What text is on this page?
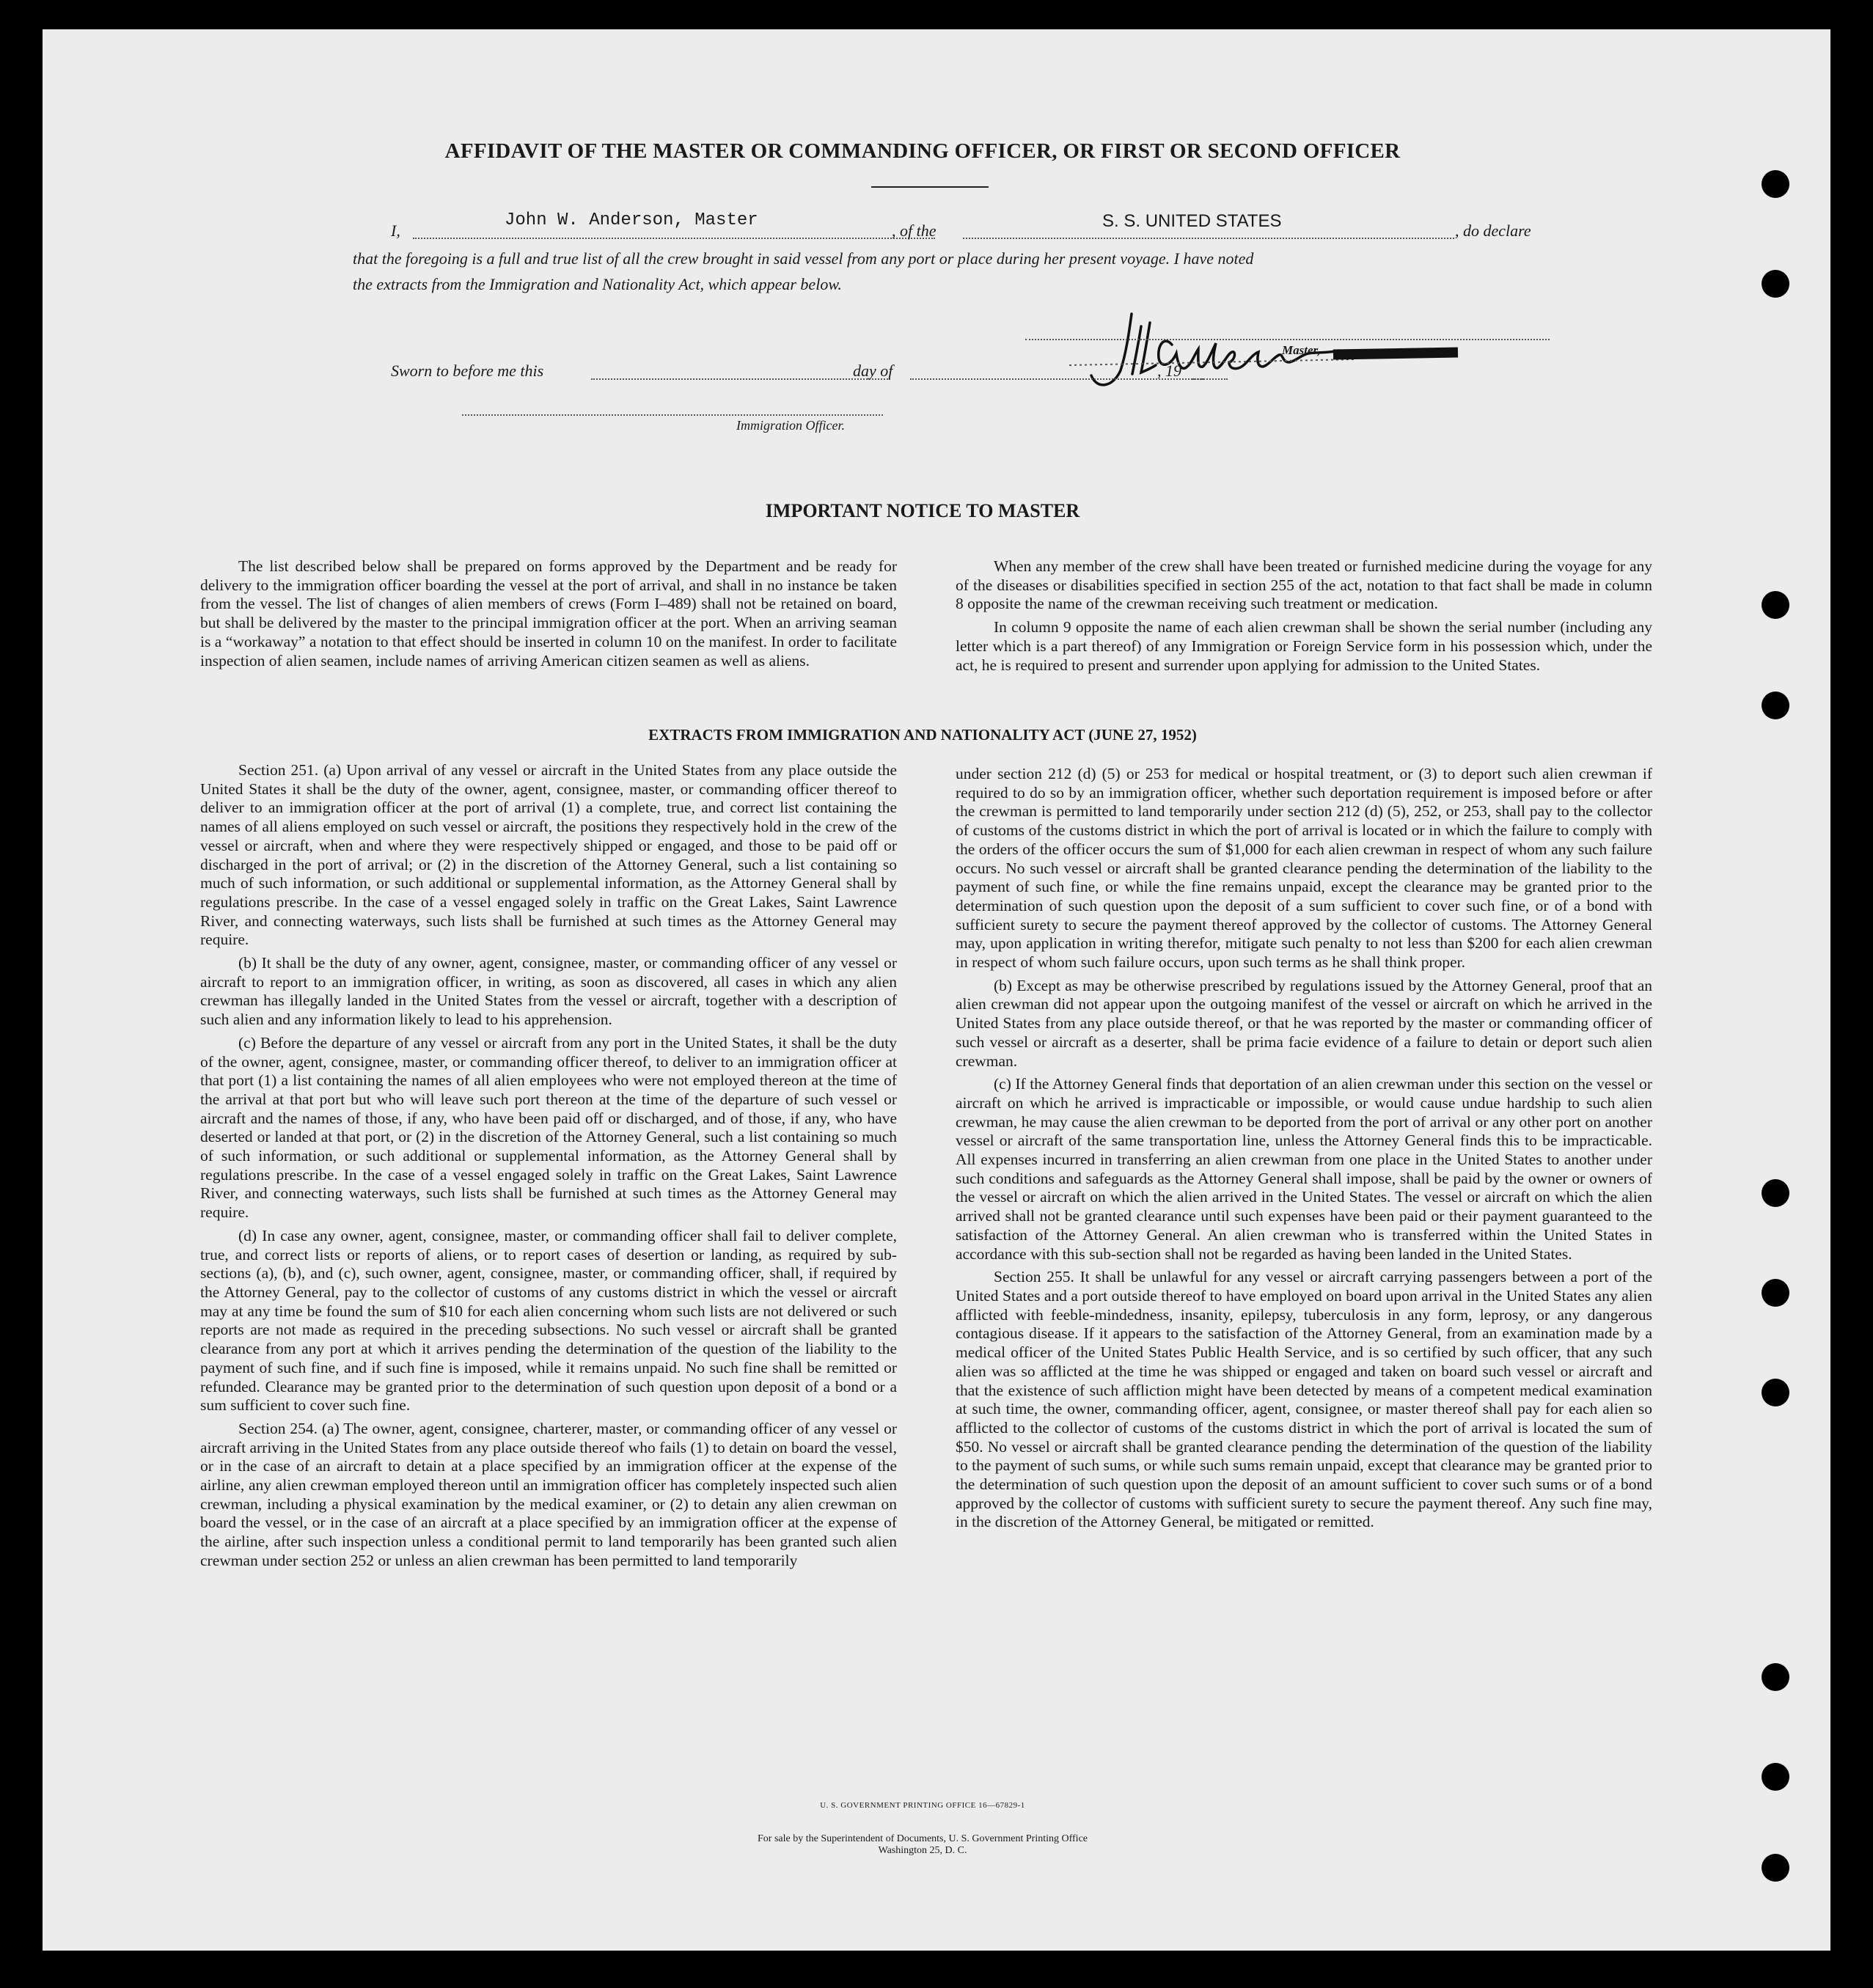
AFFIDAVIT OF THE MASTER OR COMMANDING OFFICER, OR FIRST OR SECOND OFFICER
I,
John W. Anderson, Master
, of the	S. S. UNITED STATES	, do declare
that the foregoing is a full and true list of all the crew brought in said vessel from any port or place during her present voyage. I have noted
the extracts from the Immigration and Nationality Act, which appear below.
Master,
Sworn to before me this	day of	, 19
Immigration Officer.
IMPORTANT NOTICE TO MASTER

The list described below shall be prepared on forms approved by the Department and be ready for delivery to the immigration officer boarding the vessel at the port of arrival, and shall in no instance be taken from the vessel. The list of changes of alien members of crews (Form I–489) shall not be retained on board, but shall be delivered by the master to the principal immigration officer at the port. When an arriving seaman is a “workaway” a notation to that effect should be inserted in column 10 on the manifest. In order to facilitate inspection of alien seamen, include names of arriving American citizen seamen as well as aliens.

When any member of the crew shall have been treated or furnished medicine during the voyage for any of the diseases or disabilities specified in section 255 of the act, notation to that fact shall be made in column 8 opposite the name of the crewman receiving such treatment or medication.

In column 9 opposite the name of each alien crewman shall be shown the serial number (including any letter which is a part thereof) of any Immigration or Foreign Service form in his possession which, under the act, he is required to present and surrender upon applying for admission to the United States.

EXTRACTS FROM IMMIGRATION AND NATIONALITY ACT (JUNE 27, 1952)

Section 251. (a) Upon arrival of any vessel or aircraft in the United States from any place outside the United States it shall be the duty of the owner, agent, consignee, master, or commanding officer thereof to deliver to an immigration officer at the port of arrival (1) a complete, true, and correct list containing the names of all aliens employed on such vessel or aircraft, the positions they respectively hold in the crew of the vessel or aircraft, when and where they were respectively shipped or engaged, and those to be paid off or discharged in the port of arrival; or (2) in the discretion of the Attorney General, such a list containing so much of such information, or such additional or supplemental information, as the Attorney General shall by regulations prescribe. In the case of a vessel engaged solely in traffic on the Great Lakes, Saint Lawrence River, and connecting waterways, such lists shall be furnished at such times as the Attorney General may require.

(b) It shall be the duty of any owner, agent, consignee, master, or commanding officer of any vessel or aircraft to report to an immigration officer, in writing, as soon as discovered, all cases in which any alien crewman has illegally landed in the United States from the vessel or aircraft, together with a description of such alien and any information likely to lead to his apprehension.

(c) Before the departure of any vessel or aircraft from any port in the United States, it shall be the duty of the owner, agent, consignee, master, or commanding officer thereof, to deliver to an immigration officer at that port (1) a list containing the names of all alien employees who were not employed thereon at the time of the arrival at that port but who will leave such port thereon at the time of the departure of such vessel or aircraft and the names of those, if any, who have been paid off or discharged, and of those, if any, who have deserted or landed at that port, or (2) in the discretion of the Attorney General, such a list containing so much of such information, or such additional or supplemental information, as the Attorney General shall by regulations prescribe. In the case of a vessel engaged solely in traffic on the Great Lakes, Saint Lawrence River, and connecting waterways, such lists shall be furnished at such times as the Attorney General may require.

(d) In case any owner, agent, consignee, master, or commanding officer shall fail to deliver complete, true, and correct lists or reports of aliens, or to report cases of desertion or landing, as required by sub-sections (a), (b), and (c), such owner, agent, consignee, master, or commanding officer, shall, if required by the Attorney General, pay to the collector of customs of any customs district in which the vessel or aircraft may at any time be found the sum of $10 for each alien concerning whom such lists are not delivered or such reports are not made as required in the preceding subsections. No such vessel or aircraft shall be granted clearance from any port at which it arrives pending the determination of the question of the liability to the payment of such fine, and if such fine is imposed, while it remains unpaid. No such fine shall be remitted or refunded. Clearance may be granted prior to the determination of such question upon deposit of a bond or a sum sufficient to cover such fine.

Section 254. (a) The owner, agent, consignee, charterer, master, or commanding officer of any vessel or aircraft arriving in the United States from any place outside thereof who fails (1) to detain on board the vessel, or in the case of an aircraft to detain at a place specified by an immigration officer at the expense of the airline, any alien crewman employed thereon until an immigration officer has completely inspected such alien crewman, including a physical examination by the medical examiner, or (2) to detain any alien crewman on board the vessel, or in the case of an aircraft at a place specified by an immigration officer at the expense of the airline, after such inspection unless a conditional permit to land temporarily has been granted such alien crewman under section 252 or unless an alien crewman has been permitted to land temporarily

under section 212 (d) (5) or 253 for medical or hospital treatment, or (3) to deport such alien crewman if required to do so by an immigration officer, whether such deportation requirement is imposed before or after the crewman is permitted to land temporarily under section 212 (d) (5), 252, or 253, shall pay to the collector of customs of the customs district in which the port of arrival is located or in which the failure to comply with the orders of the officer occurs the sum of $1,000 for each alien crewman in respect of whom any such failure occurs. No such vessel or aircraft shall be granted clearance pending the determination of the liability to the payment of such fine, or while the fine remains unpaid, except the clearance may be granted prior to the determination of such question upon the deposit of a sum sufficient to cover such fine, or of a bond with sufficient surety to secure the payment thereof approved by the collector of customs. The Attorney General may, upon application in writing therefor, mitigate such penalty to not less than $200 for each alien crewman in respect of whom such failure occurs, upon such terms as he shall think proper.

(b) Except as may be otherwise prescribed by regulations issued by the Attorney General, proof that an alien crewman did not appear upon the outgoing manifest of the vessel or aircraft on which he arrived in the United States from any place outside thereof, or that he was reported by the master or commanding officer of such vessel or aircraft as a deserter, shall be prima facie evidence of a failure to detain or deport such alien crewman.

(c) If the Attorney General finds that deportation of an alien crewman under this section on the vessel or aircraft on which he arrived is impracticable or impossible, or would cause undue hardship to such alien crewman, he may cause the alien crewman to be deported from the port of arrival or any other port on another vessel or aircraft of the same transportation line, unless the Attorney General finds this to be impracticable. All expenses incurred in transferring an alien crewman from one place in the United States to another under such conditions and safeguards as the Attorney General shall impose, shall be paid by the owner or owners of the vessel or aircraft on which the alien arrived in the United States. The vessel or aircraft on which the alien arrived shall not be granted clearance until such expenses have been paid or their payment guaranteed to the satisfaction of the Attorney General. An alien crewman who is transferred within the United States in accordance with this sub-section shall not be regarded as having been landed in the United States.

Section 255. It shall be unlawful for any vessel or aircraft carrying passengers between a port of the United States and a port outside thereof to have employed on board upon arrival in the United States any alien afflicted with feeble-mindedness, insanity, epilepsy, tuberculosis in any form, leprosy, or any dangerous contagious disease. If it appears to the satisfaction of the Attorney General, from an examination made by a medical officer of the United States Public Health Service, and is so certified by such officer, that any such alien was so afflicted at the time he was shipped or engaged and taken on board such vessel or aircraft and that the existence of such affliction might have been detected by means of a competent medical examination at such time, the owner, commanding officer, agent, consignee, or master thereof shall pay for each alien so afflicted to the collector of customs of the customs district in which the port of arrival is located the sum of $50. No vessel or aircraft shall be granted clearance pending the determination of the question of the liability to the payment of such sums, or while such sums remain unpaid, except that clearance may be granted prior to the determination of such question upon the deposit of an amount sufficient to cover such sums or of a bond approved by the collector of customs with sufficient surety to secure the payment thereof. Any such fine may, in the discretion of the Attorney General, be mitigated or remitted.

U. S. GOVERNMENT PRINTING OFFICE 16—67829-1
For sale by the Superintendent of Documents, U. S. Government Printing Office
Washington 25, D. C.
